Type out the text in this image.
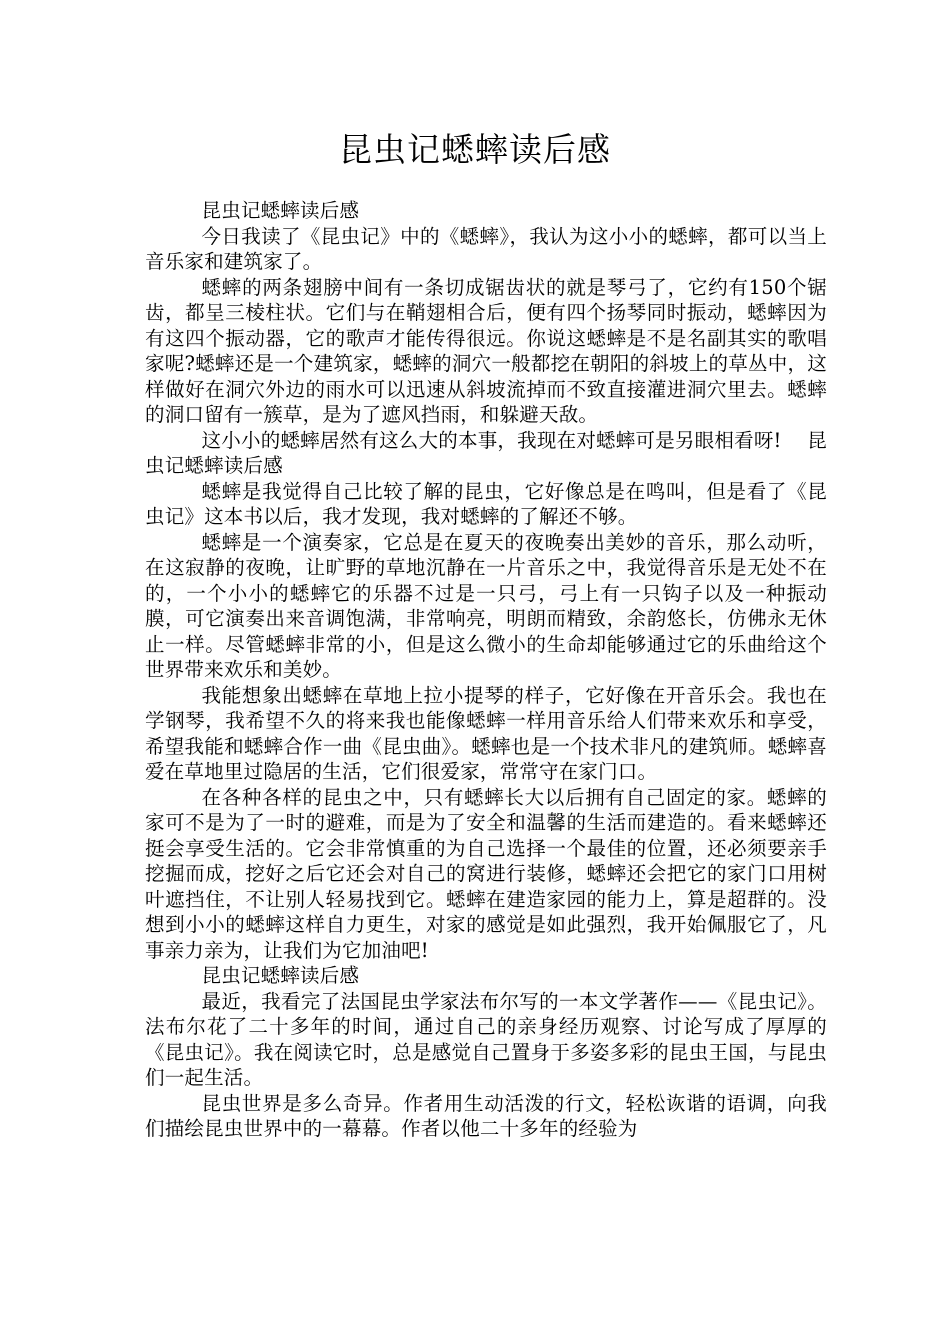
昆虫记蟋蟀读后感

昆虫记蟋蟀读后感

今日我读了《昆虫记》中的《蟋蟀》，我认为这小小的蟋蟀，都可以当上音乐家和建筑家了。

蟋蟀的两条翅膀中间有一条切成锯齿状的就是琴弓了，它约有150个锯齿，都呈三棱柱状。它们与在鞘翅相合后，便有四个扬琴同时振动，蟋蟀因为有这四个振动器，它的歌声才能传得很远。你说这蟋蟀是不是名副其实的歌唱家呢?蟋蟀还是一个建筑家，蟋蟀的洞穴一般都挖在朝阳的斜坡上的草丛中，这样做好在洞穴外边的雨水可以迅速从斜坡流掉而不致直接灌进洞穴里去。蟋蟀的洞口留有一簇草，是为了遮风挡雨，和躲避天敌。

这小小的蟋蟀居然有这么大的本事，我现在对蟋蟀可是另眼相看呀!    昆虫记蟋蟀读后感

蟋蟀是我觉得自己比较了解的昆虫，它好像总是在鸣叫，但是看了《昆虫记》这本书以后，我才发现，我对蟋蟀的了解还不够。

蟋蟀是一个演奏家，它总是在夏天的夜晚奏出美妙的音乐，那么动听，在这寂静的夜晚，让旷野的草地沉静在一片音乐之中，我觉得音乐是无处不在的，一个小小的蟋蟀它的乐器不过是一只弓，弓上有一只钩子以及一种振动膜，可它演奏出来音调饱满，非常响亮，明朗而精致，余韵悠长，仿佛永无休止一样。尽管蟋蟀非常的小，但是这么微小的生命却能够通过它的乐曲给这个世界带来欢乐和美妙。

我能想象出蟋蟀在草地上拉小提琴的样子，它好像在开音乐会。我也在学钢琴，我希望不久的将来我也能像蟋蟀一样用音乐给人们带来欢乐和享受，希望我能和蟋蟀合作一曲《昆虫曲》。蟋蟀也是一个技术非凡的建筑师。蟋蟀喜爱在草地里过隐居的生活，它们很爱家，常常守在家门口。

在各种各样的昆虫之中，只有蟋蟀长大以后拥有自己固定的家。蟋蟀的家可不是为了一时的避难，而是为了安全和温馨的生活而建造的。看来蟋蟀还挺会享受生活的。它会非常慎重的为自己选择一个最佳的位置，还必须要亲手挖掘而成，挖好之后它还会对自己的窝进行装修，蟋蟀还会把它的家门口用树叶遮挡住，不让别人轻易找到它。蟋蟀在建造家园的能力上，算是超群的。没想到小小的蟋蟀这样自力更生，对家的感觉是如此强烈，我开始佩服它了，凡事亲力亲为，让我们为它加油吧!

昆虫记蟋蟀读后感

最近，我看完了法国昆虫学家法布尔写的一本文学著作——《昆虫记》。法布尔花了二十多年的时间，通过自己的亲身经历观察、讨论写成了厚厚的《昆虫记》。我在阅读它时，总是感觉自己置身于多姿多彩的昆虫王国，与昆虫们一起生活。

昆虫世界是多么奇异。作者用生动活泼的行文，轻松诙谐的语调，向我们描绘昆虫世界中的一幕幕。作者以他二十多年的经验为
